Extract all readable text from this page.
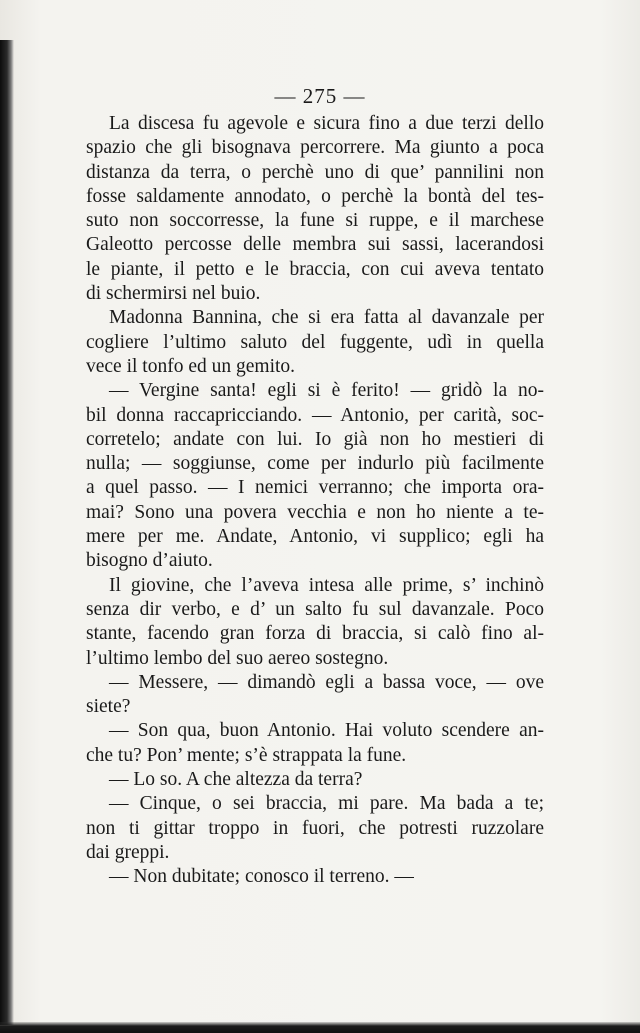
— 275 —
La discesa fu agevole e sicura fino a due terzi dello
spazio che gli bisognava percorrere. Ma giunto a poca
distanza da terra, o perchè uno di que’ pannilini non
fosse saldamente annodato, o perchè la bontà del tes-
suto non soccorresse, la fune si ruppe, e il marchese
Galeotto percosse delle membra sui sassi, lacerandosi
le piante, il petto e le braccia, con cui aveva tentato
di schermirsi nel buio.
Madonna Bannina, che si era fatta al davanzale per
cogliere l’ultimo saluto del fuggente, udì in quella
vece il tonfo ed un gemito.
— Vergine santa! egli si è ferito! — gridò la no-
bil donna raccapricciando. — Antonio, per carità, soc-
corretelo; andate con lui. Io già non ho mestieri di
nulla; — soggiunse, come per indurlo più facilmente
a quel passo. — I nemici verranno; che importa ora-
mai? Sono una povera vecchia e non ho niente a te-
mere per me. Andate, Antonio, vi supplico; egli ha
bisogno d’aiuto.
Il giovine, che l’aveva intesa alle prime, s’ inchinò
senza dir verbo, e d’ un salto fu sul davanzale. Poco
stante, facendo gran forza di braccia, si calò fino al-
l’ultimo lembo del suo aereo sostegno.
— Messere, — dimandò egli a bassa voce, — ove
siete?
— Son qua, buon Antonio. Hai voluto scendere an-
che tu? Pon’ mente; s’è strappata la fune.
— Lo so. A che altezza da terra?
— Cinque, o sei braccia, mi pare. Ma bada a te;
non ti gittar troppo in fuori, che potresti ruzzolare
dai greppi.
— Non dubitate; conosco il terreno. —
